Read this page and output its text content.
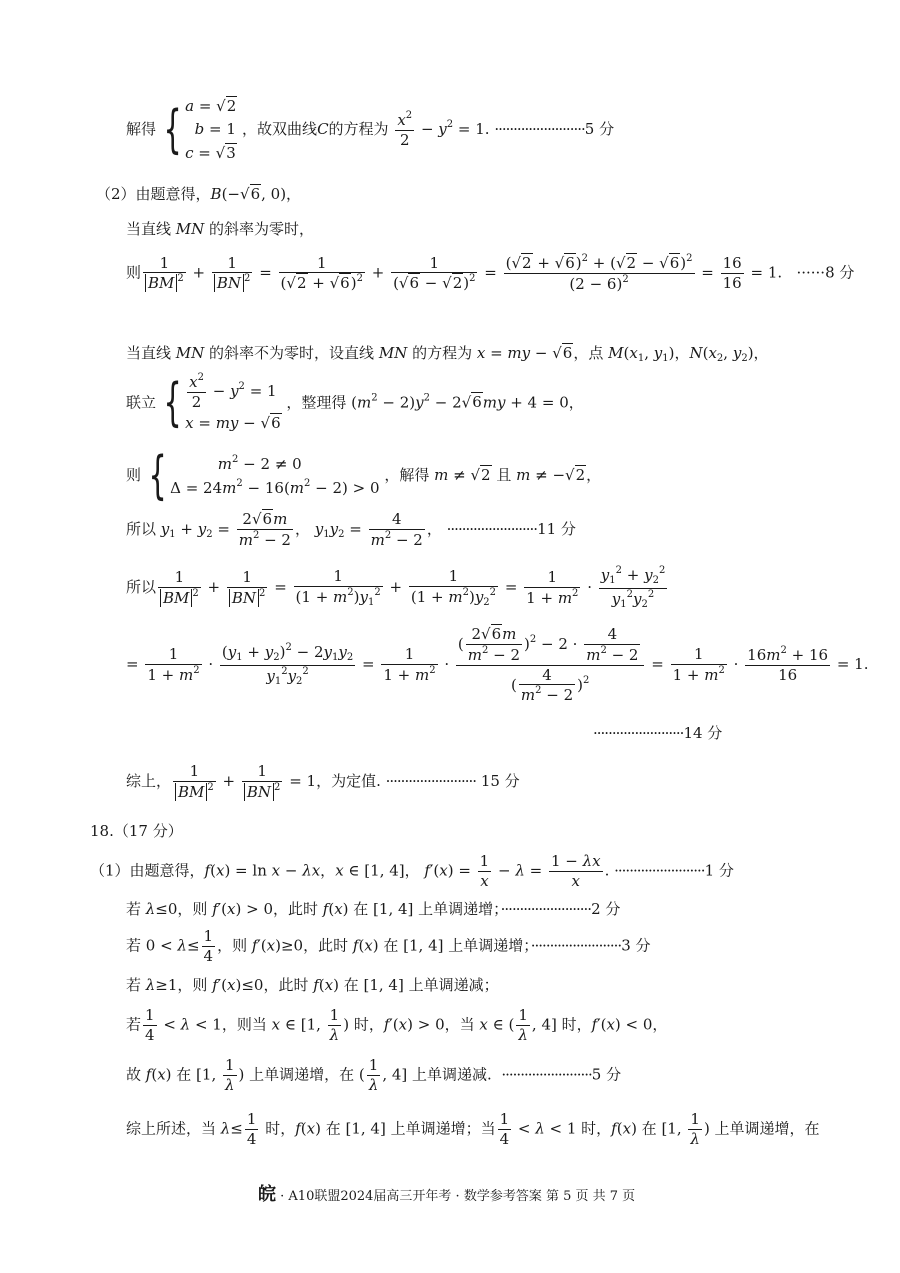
解得 { a = √2
b = 1
c = √3 ，故双曲线C的方程为 $\frac{x^2}{2} - y^2 = 1$. ························5 分
（2）由题意得，B(−√6, 0)，
当直线 MN 的斜率为零时，
则 $\frac{1}{BM ^2} + \frac{1}{BN ^2} = \frac{1}{(√2 + √6)^2} + \frac{1}{(√6 - √2)^2} = \frac{(√2 + √6)^2 + (√2 - √6)^2}{(2 - 6)^2} = \frac{16}{16} = 1$.   ······8 分
当直线 MN 的斜率不为零时，设直线 MN 的方程为 x = my − √6，点 $M(x_1$, $y_1$)，$N(x_2$, $y_2$)，
联立 { $\frac{x^2}{2} - y^2 = 1$
x = my − √6 ，整理得 $(m^2 - 2)y^2 - 2√6my + 4 = 0$，
则 {	$m^2 - 2 \ne 0$
$\Delta = 24m^2 - 16(m^2 - 2) > 0$ ，解得 m ≠ √2 且 m ≠ −√2，
所以 $y_1 + y_2 = \frac{2√6m}{m^2 - 2}$ ， $y_1y_2 = \frac{4}{m^2 - 2}$ ， ························11 分
所以 $\frac{1}{BM ^2} + \frac{1}{BN ^2} = \frac{1}{(1 + m^2)y_1^2} + \frac{1}{(1 + m^2)y_2^2} = \frac{1}{1 + m^2} \cdot \frac{y_1^2 + y_2^2}{y_1^2y_2^2}$
= $\frac{1}{1 + m^2} \cdot \frac{(y_1 + y_2)^2 - 2y_1y_2}{y_1^2y_2^2} = \frac{1}{1 + m^2} \cdot \frac{( \frac{2√6m}{m^2 - 2} )^2 - 2 \cdot \frac{4}{m^2 - 2}}{( \frac{4}{m^2 - 2} )^2} = \frac{1}{1 + m^2} \cdot \frac{16m^2 + 16}{16} = 1$.
························14 分
综上， $\frac{1}{BM ^2} + \frac{1}{BN ^2} = 1$，为定值. ························ 15 分
18.（17 分）
（1）由题意得，f(x) = ln x − λx，x ∈ [1, 4]， $f'(x) = \frac{1}{x} - \lambda = \frac{1 - \lambda x}{x}$ . ························1 分
若 λ≤0，则 f′(x) > 0，此时 f(x) 在 [1, 4] 上单调递增；························2 分
若 $0 < \lambda\le \frac{1}{4}$ ，则 f′(x)≥0，此时 f(x) 在 [1, 4] 上单调递增；························3 分
若 λ≥1，则 f′(x)≤0，此时 f(x) 在 [1, 4] 上单调递减；
若 $\frac{1}{4} < \lambda < 1$，则当 x ∈ [1, $\frac{1}{\lambda}$ ) 时，f′(x) > 0，当 x ∈ ( $\frac{1}{\lambda}$ , 4] 时，f′(x) < 0，
故 f(x) 在 [1, $\frac{1}{\lambda}$ ) 上单调递增，在 ( $\frac{1}{\lambda}$ , 4] 上单调递减.  ························5 分
综上所述，当 $\lambda\le \frac{1}{4}$ 时，f(x) 在 [1, 4] 上单调递增；当 $\frac{1}{4} < \lambda < 1$ 时，f(x) 在 [1, $\frac{1}{\lambda}$ ) 上单调递增，在
皖 · A10联盟2024届高三开年考 · 数学参考答案 第 5 页 共 7 页
